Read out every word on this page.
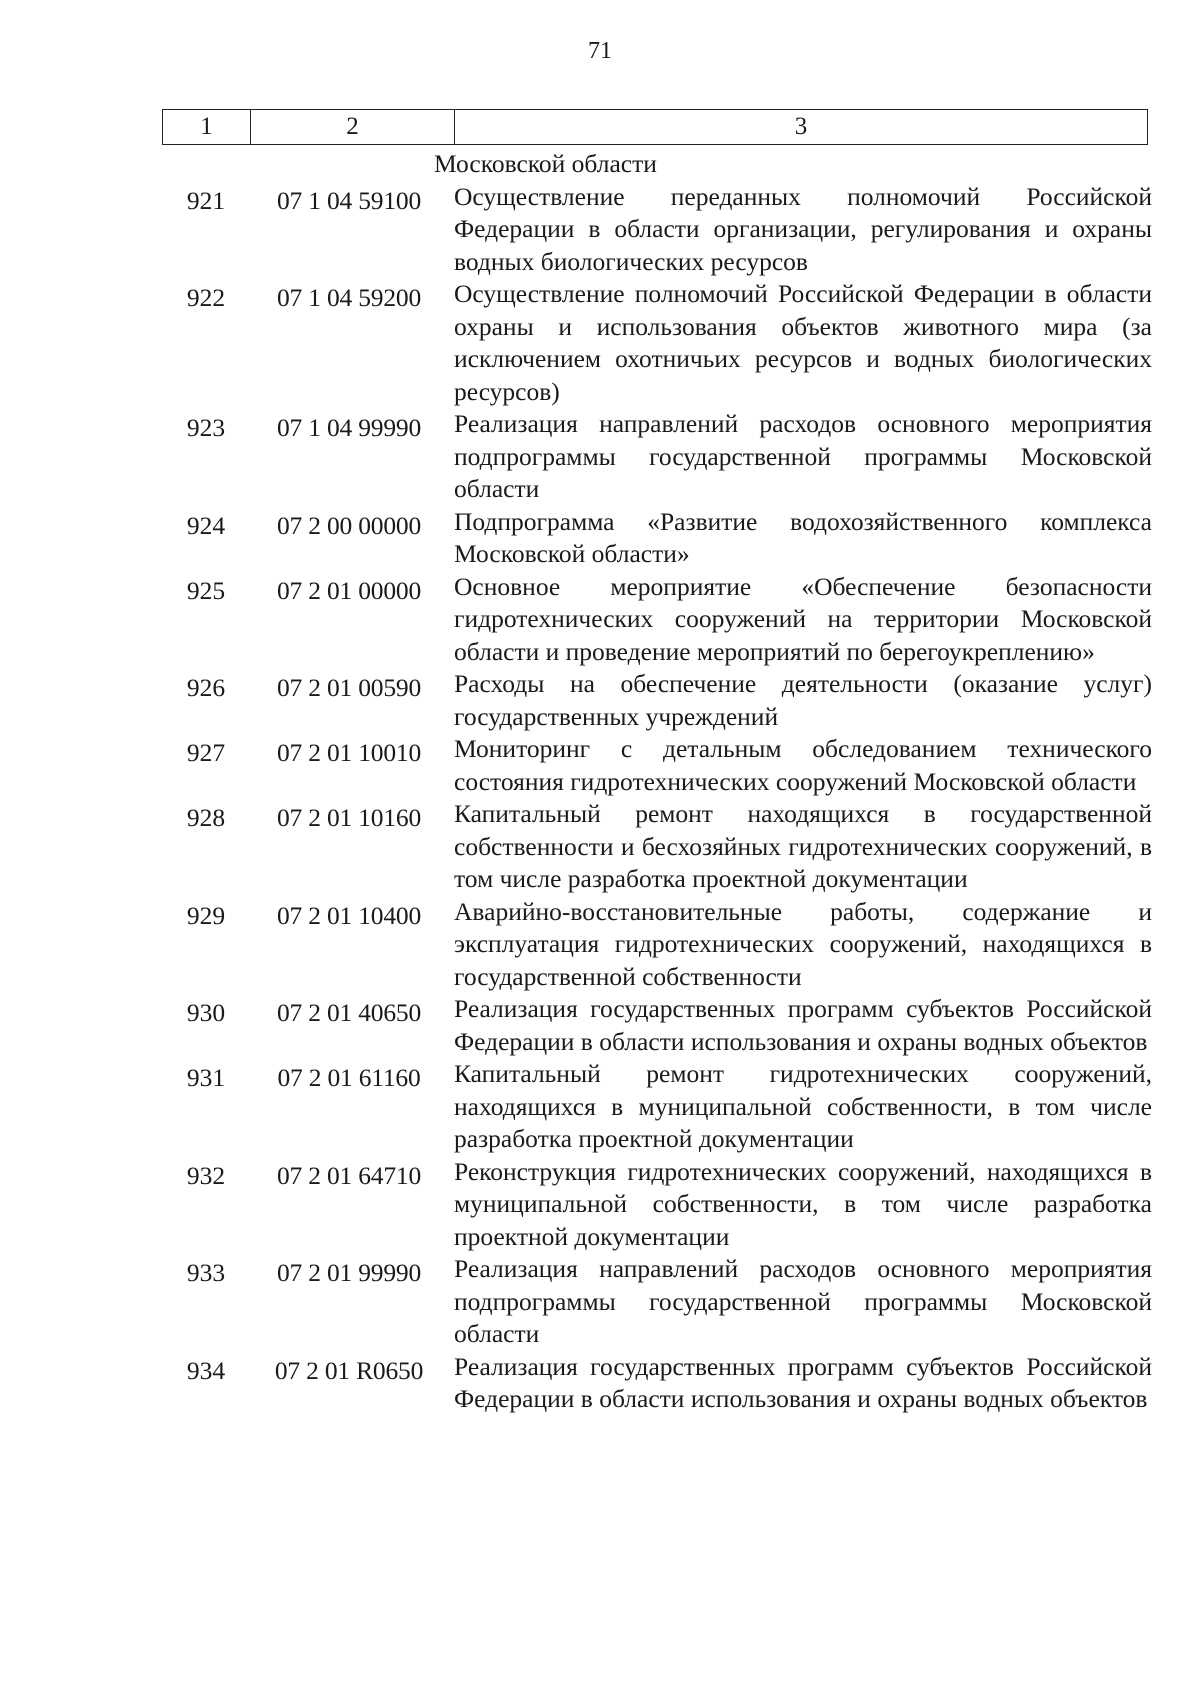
71
1	2	3
Московской области
921	07 1 04 59100	Осуществление переданных полномочий Российской Федерации в области организации, регулирования и охраны водных биологических ресурсов
922	07 1 04 59200	Осуществление полномочий Российской Федерации в области охраны и использования объектов животного мира (за исключением охотничьих ресурсов и водных биологических ресурсов)
923	07 1 04 99990	Реализация направлений расходов основного мероприятия подпрограммы государственной программы Московской области
924	07 2 00 00000	Подпрограмма «Развитие водохозяйственного комплекса Московской области»
925	07 2 01 00000	Основное мероприятие «Обеспечение безопасности гидротехнических сооружений на территории Московской области и проведение мероприятий по берегоукреплению»
926	07 2 01 00590	Расходы на обеспечение деятельности (оказание услуг) государственных учреждений
927	07 2 01 10010	Мониторинг с детальным обследованием технического состояния гидротехнических сооружений Московской области
928	07 2 01 10160	Капитальный ремонт находящихся в государственной собственности и бесхозяйных гидротехнических сооружений, в том числе разработка проектной документации
929	07 2 01 10400	Аварийно-восстановительные работы, содержание и эксплуатация гидротехнических сооружений, находящихся в государственной собственности
930	07 2 01 40650	Реализация государственных программ субъектов Российской Федерации в области использования и охраны водных объектов
931	07 2 01 61160	Капитальный ремонт гидротехнических сооружений, находящихся в муниципальной собственности, в том числе разработка проектной документации
932	07 2 01 64710	Реконструкция гидротехнических сооружений, находящихся в муниципальной собственности, в том числе разработка проектной документации
933	07 2 01 99990	Реализация направлений расходов основного мероприятия подпрограммы государственной программы Московской области
934	07 2 01 R0650	Реализация государственных программ субъектов Российской Федерации в области использования и охраны водных объектов
